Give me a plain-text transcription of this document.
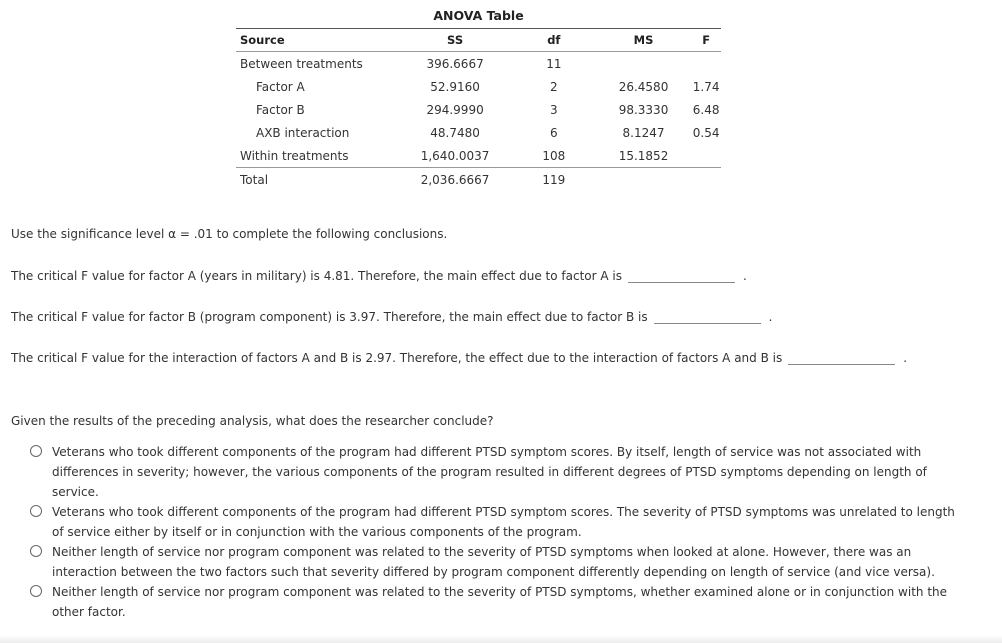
ANOVA Table
Source	SS	df	MS	F
Between treatments	396.6667	11		
Factor A	52.9160	2	26.4580	1.74
Factor B	294.9990	3	98.3330	6.48
AXB interaction	48.7480	6	8.1247	0.54
Within treatments	1,640.0037	108	15.1852	
Total	2,036.6667	119		
Use the significance level α = .01 to complete the following conclusions.
The critical F value for factor A (years in military) is 4.81. Therefore, the main effect due to factor A is	.
The critical F value for factor B (program component) is 3.97. Therefore, the main effect due to factor B is	.
The critical F value for the interaction of factors A and B is 2.97. Therefore, the effect due to the interaction of factors A and B is	.
Given the results of the preceding analysis, what does the researcher conclude?
Veterans who took different components of the program had different PTSD symptom scores. By itself, length of service was not associated with differences in severity; however, the various components of the program resulted in different degrees of PTSD symptoms depending on length of service.
Veterans who took different components of the program had different PTSD symptom scores. The severity of PTSD symptoms was unrelated to length of service either by itself or in conjunction with the various components of the program.
Neither length of service nor program component was related to the severity of PTSD symptoms when looked at alone. However, there was an interaction between the two factors such that severity differed by program component differently depending on length of service (and vice versa).
Neither length of service nor program component was related to the severity of PTSD symptoms, whether examined alone or in conjunction with the other factor.
